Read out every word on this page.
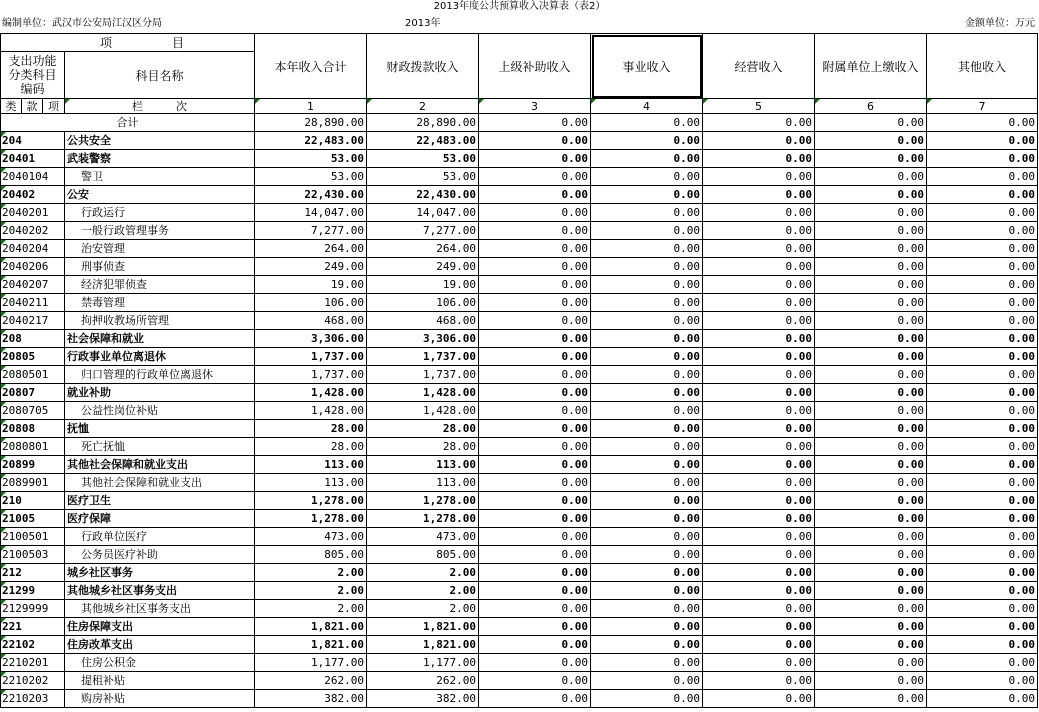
2013年度公共预算收入决算表（表2）
编制单位：武汉市公安局江汉区分局	2013年	金额单位：万元
项　　　　　目				本年收入合计	财政拨款收入	上级补助收入	事业收入	经营收入	附属单位上缴收入	其他收入
支出功能
分类科目
编码			科目名称							
类	款	项	栏　　　次	1	2	3	4	5	6	7
合计				28,890.00	28,890.00	0.00	0.00	0.00	0.00	0.00
204			公共安全	22,483.00	22,483.00	0.00	0.00	0.00	0.00	0.00
20401			武装警察	53.00	53.00	0.00	0.00	0.00	0.00	0.00
2040104			警卫	53.00	53.00	0.00	0.00	0.00	0.00	0.00
20402			公安	22,430.00	22,430.00	0.00	0.00	0.00	0.00	0.00
2040201			行政运行	14,047.00	14,047.00	0.00	0.00	0.00	0.00	0.00
2040202			一般行政管理事务	7,277.00	7,277.00	0.00	0.00	0.00	0.00	0.00
2040204			治安管理	264.00	264.00	0.00	0.00	0.00	0.00	0.00
2040206			刑事侦查	249.00	249.00	0.00	0.00	0.00	0.00	0.00
2040207			经济犯罪侦查	19.00	19.00	0.00	0.00	0.00	0.00	0.00
2040211			禁毒管理	106.00	106.00	0.00	0.00	0.00	0.00	0.00
2040217			拘押收教场所管理	468.00	468.00	0.00	0.00	0.00	0.00	0.00
208			社会保障和就业	3,306.00	3,306.00	0.00	0.00	0.00	0.00	0.00
20805			行政事业单位离退休	1,737.00	1,737.00	0.00	0.00	0.00	0.00	0.00
2080501			归口管理的行政单位离退休	1,737.00	1,737.00	0.00	0.00	0.00	0.00	0.00
20807			就业补助	1,428.00	1,428.00	0.00	0.00	0.00	0.00	0.00
2080705			公益性岗位补贴	1,428.00	1,428.00	0.00	0.00	0.00	0.00	0.00
20808			抚恤	28.00	28.00	0.00	0.00	0.00	0.00	0.00
2080801			死亡抚恤	28.00	28.00	0.00	0.00	0.00	0.00	0.00
20899			其他社会保障和就业支出	113.00	113.00	0.00	0.00	0.00	0.00	0.00
2089901			其他社会保障和就业支出	113.00	113.00	0.00	0.00	0.00	0.00	0.00
210			医疗卫生	1,278.00	1,278.00	0.00	0.00	0.00	0.00	0.00
21005			医疗保障	1,278.00	1,278.00	0.00	0.00	0.00	0.00	0.00
2100501			行政单位医疗	473.00	473.00	0.00	0.00	0.00	0.00	0.00
2100503			公务员医疗补助	805.00	805.00	0.00	0.00	0.00	0.00	0.00
212			城乡社区事务	2.00	2.00	0.00	0.00	0.00	0.00	0.00
21299			其他城乡社区事务支出	2.00	2.00	0.00	0.00	0.00	0.00	0.00
2129999			其他城乡社区事务支出	2.00	2.00	0.00	0.00	0.00	0.00	0.00
221			住房保障支出	1,821.00	1,821.00	0.00	0.00	0.00	0.00	0.00
22102			住房改革支出	1,821.00	1,821.00	0.00	0.00	0.00	0.00	0.00
2210201			住房公积金	1,177.00	1,177.00	0.00	0.00	0.00	0.00	0.00
2210202			提租补贴	262.00	262.00	0.00	0.00	0.00	0.00	0.00
2210203			购房补贴	382.00	382.00	0.00	0.00	0.00	0.00	0.00
